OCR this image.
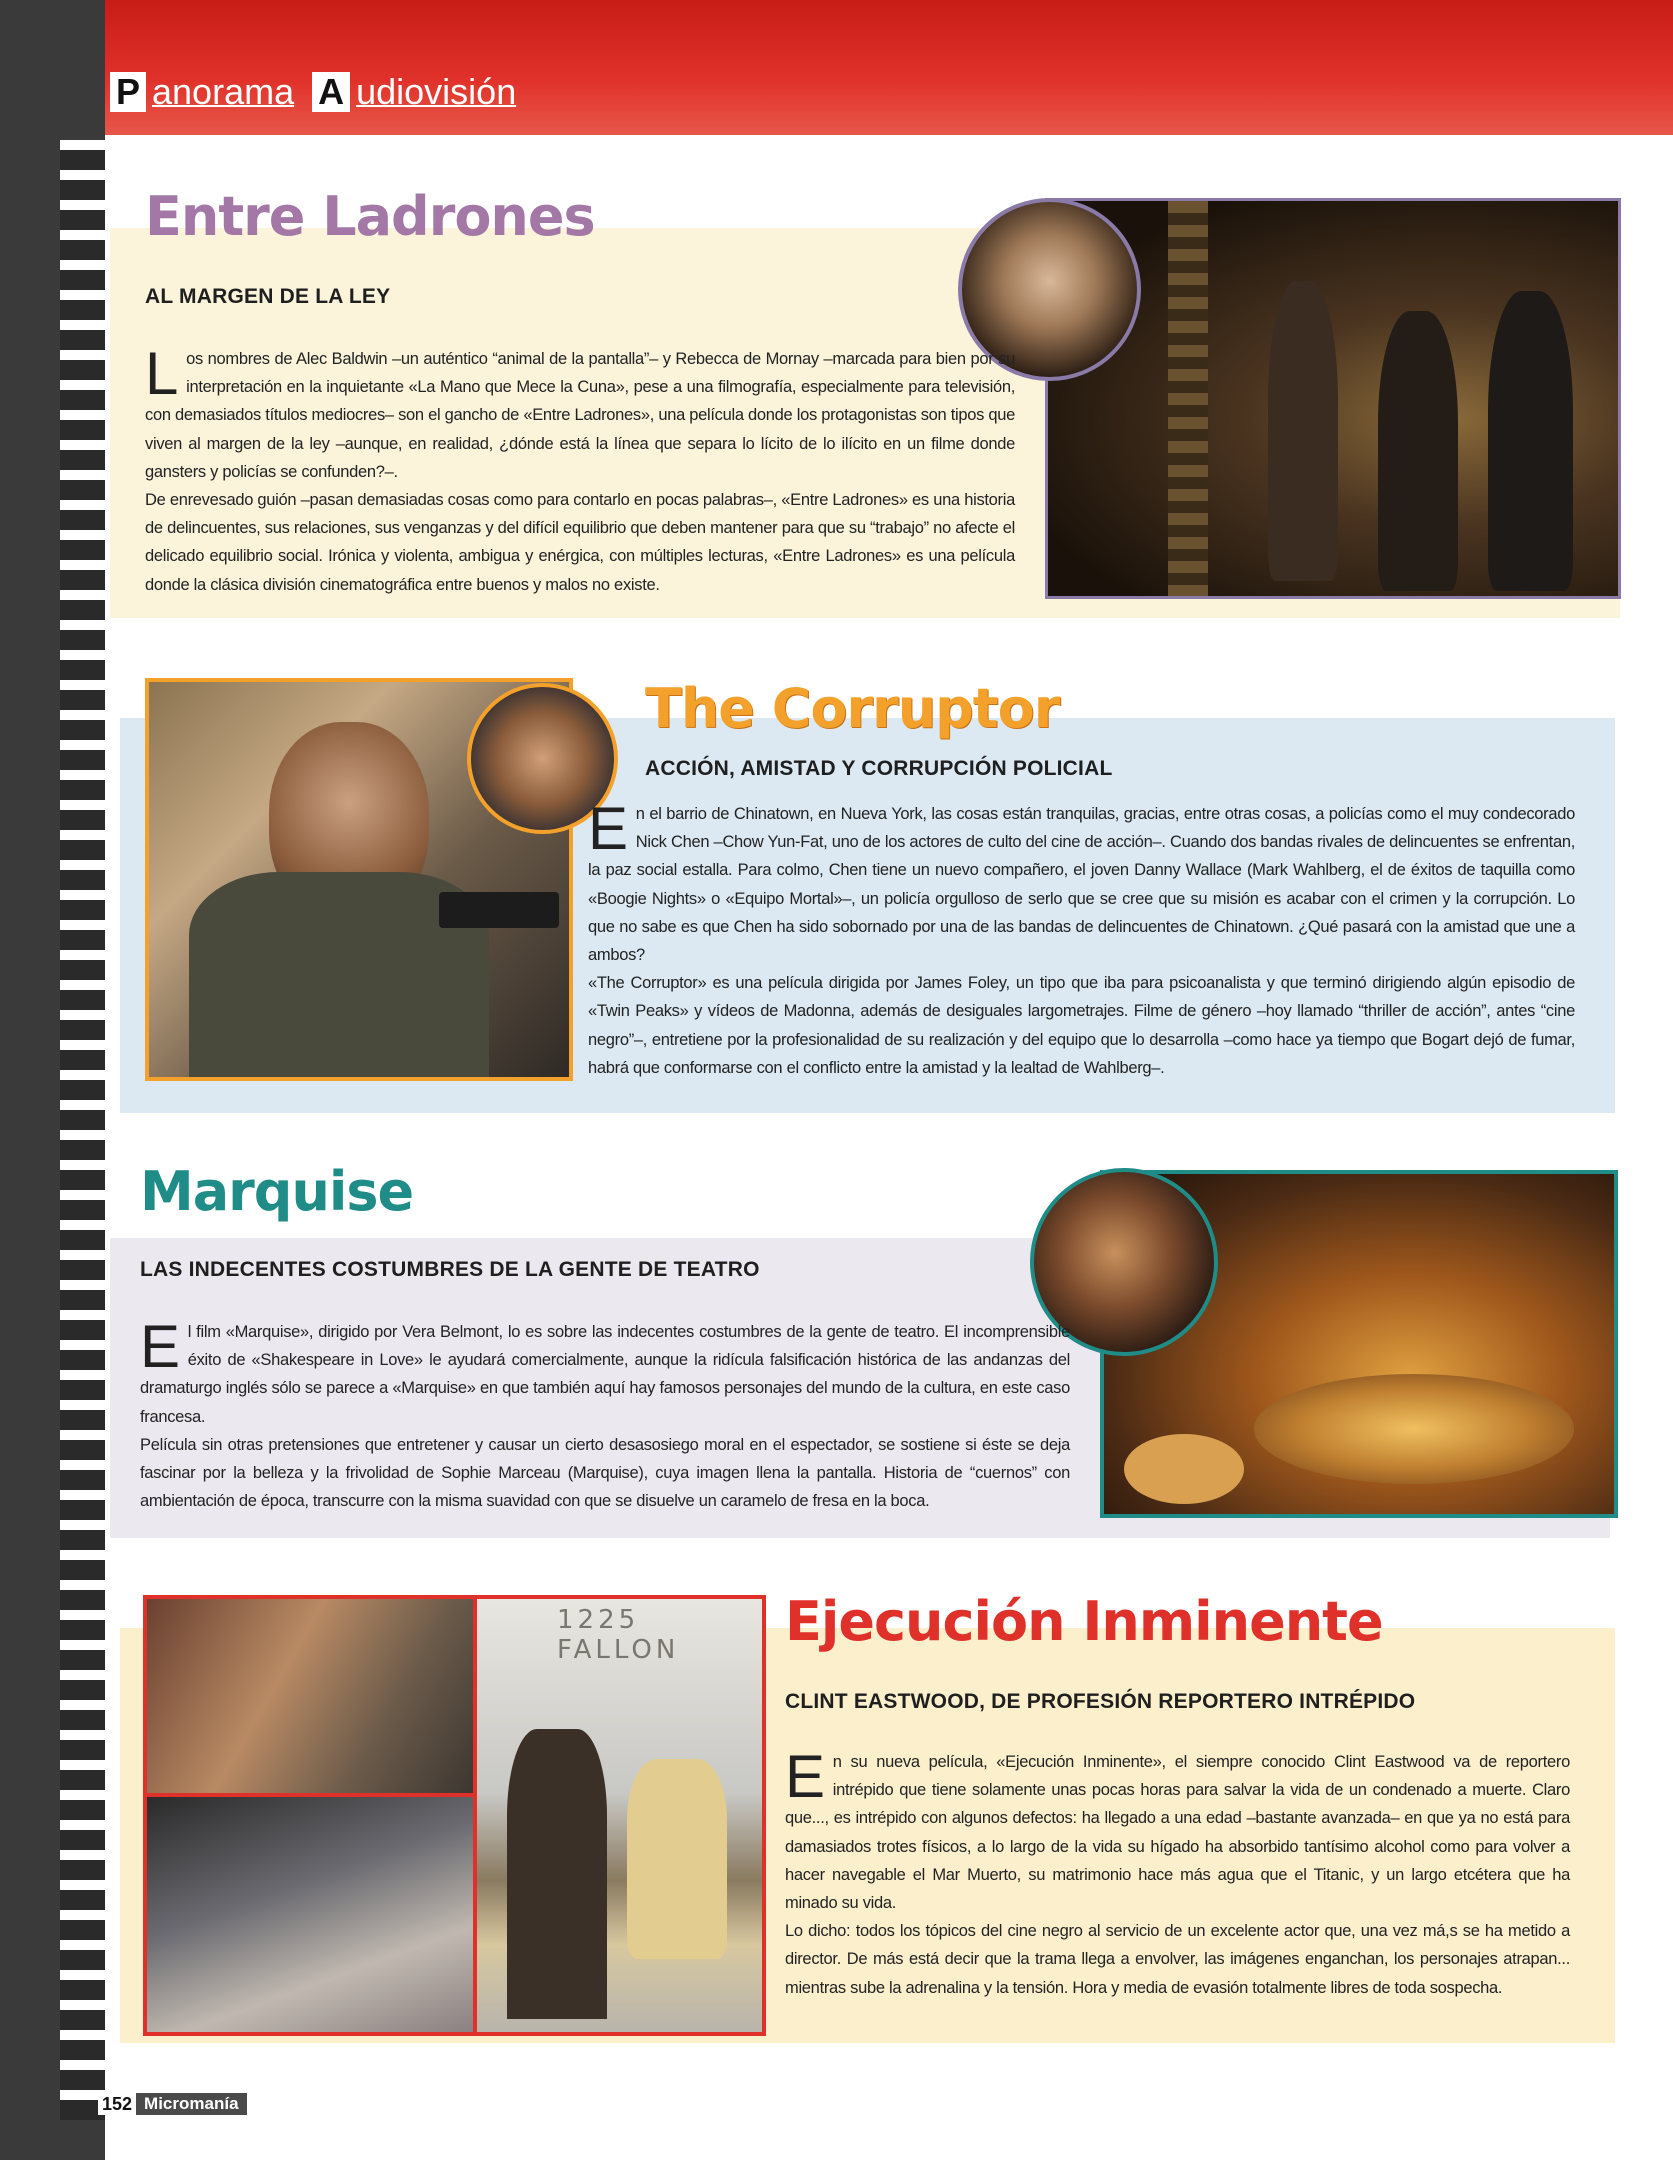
P anorama A udiovisión
Entre Ladrones
AL MARGEN DE LA LEY
L os nombres de Alec Baldwin –un auténtico “animal de la pantalla”– y Rebecca de Mornay –marcada para bien por su interpretación en la inquietante «La Mano que Mece la Cuna», pese a una filmografía, especialmente para televisión, con demasiados títulos mediocres– son el gancho de «Entre Ladrones», una película donde los protagonistas son tipos que viven al margen de la ley –aunque, en realidad, ¿dónde está la línea que separa lo lícito de lo ilícito en un filme donde gansters y policías se confunden?–.

De enrevesado guión –pasan demasiadas cosas como para contarlo en pocas palabras–, «Entre Ladrones» es una historia de delincuentes, sus relaciones, sus venganzas y del difícil equilibrio que deben mantener para que su “trabajo” no afecte el delicado equilibrio social. Irónica y violenta, ambigua y enérgica, con múltiples lecturas, «Entre Ladrones» es una película donde la clásica división cinematográfica entre buenos y malos no existe.

The Corruptor
ACCIÓN, AMISTAD Y CORRUPCIÓN POLICIAL
E n el barrio de Chinatown, en Nueva York, las cosas están tranquilas, gracias, entre otras cosas, a policías como el muy condecorado Nick Chen –Chow Yun-Fat, uno de los actores de culto del cine de acción–. Cuando dos bandas rivales de delincuentes se enfrentan, la paz social estalla. Para colmo, Chen tiene un nuevo compañero, el joven Danny Wallace (Mark Wahlberg, el de éxitos de taquilla como «Boogie Nights» o «Equipo Mortal»–, un policía orgulloso de serlo que se cree que su misión es acabar con el crimen y la corrupción. Lo que no sabe es que Chen ha sido sobornado por una de las bandas de delincuentes de Chinatown. ¿Qué pasará con la amistad que une a ambos?

«The Corruptor» es una película dirigida por James Foley, un tipo que iba para psicoanalista y que terminó dirigiendo algún episodio de «Twin Peaks» y vídeos de Madonna, además de desiguales largometrajes. Filme de género –hoy llamado “thriller de acción”, antes “cine negro”–, entretiene por la profesionalidad de su realización y del equipo que lo desarrolla –como hace ya tiempo que Bogart dejó de fumar, habrá que conformarse con el conflicto entre la amistad y la lealtad de Wahlberg–.

Marquise
LAS INDECENTES COSTUMBRES DE LA GENTE DE TEATRO
E l film «Marquise», dirigido por Vera Belmont, lo es sobre las indecentes costumbres de la gente de teatro. El incomprensible éxito de «Shakespeare in Love» le ayudará comercialmente, aunque la ridícula falsificación histórica de las andanzas del dramaturgo inglés sólo se parece a «Marquise» en que también aquí hay famosos personajes del mundo de la cultura, en este caso francesa.

Película sin otras pretensiones que entretener y causar un cierto desasosiego moral en el espectador, se sostiene si éste se deja fascinar por la belleza y la frivolidad de Sophie Marceau (Marquise), cuya imagen llena la pantalla. Historia de “cuernos” con ambientación de época, transcurre con la misma suavidad con que se disuelve un caramelo de fresa en la boca.

1225 FALLON	Ejecución Inminente
CLINT EASTWOOD, DE PROFESIÓN REPORTERO INTRÉPIDO
E n su nueva película, «Ejecución Inminente», el siempre conocido Clint Eastwood va de reportero intrépido que tiene solamente unas pocas horas para salvar la vida de un condenado a muerte. Claro que..., es intrépido con algunos defectos: ha llegado a una edad –bastante avanzada– en que ya no está para damasiados trotes físicos, a lo largo de la vida su hígado ha absorbido tantísimo alcohol como para volver a hacer navegable el Mar Muerto, su matrimonio hace más agua que el Titanic, y un largo etcétera que ha minado su vida.

Lo dicho: todos los tópicos del cine negro al servicio de un excelente actor que, una vez má,s se ha metido a director. De más está decir que la trama llega a envolver, las imágenes enganchan, los personajes atrapan... mientras sube la adrenalina y la tensión. Hora y media de evasión totalmente libres de toda sospecha.

152 Micromanía
